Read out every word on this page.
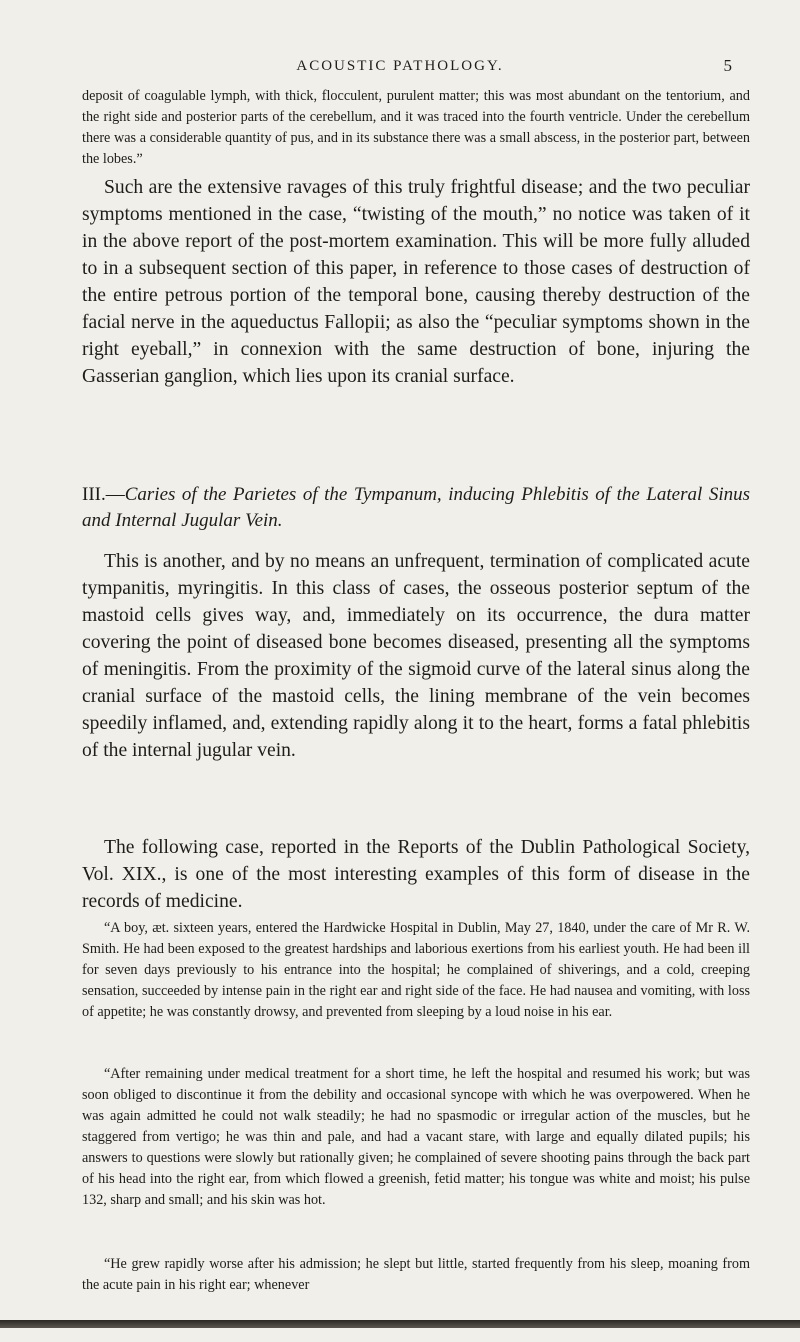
ACOUSTIC PATHOLOGY.	5

deposit of coagulable lymph, with thick, flocculent, purulent matter; this was most abundant on the tentorium, and the right side and posterior parts of the cerebellum, and it was traced into the fourth ventricle. Under the cerebellum there was a considerable quantity of pus, and in its substance there was a small abscess, in the posterior part, between the lobes.”

Such are the extensive ravages of this truly frightful disease; and the two peculiar symptoms mentioned in the case, “twisting of the mouth,” no notice was taken of it in the above report of the post-mortem examination. This will be more fully alluded to in a subsequent section of this paper, in reference to those cases of destruction of the entire petrous portion of the temporal bone, causing thereby destruction of the facial nerve in the aqueductus Fallopii; as also the “peculiar symptoms shown in the right eyeball,” in connexion with the same destruction of bone, injuring the Gasserian ganglion, which lies upon its cranial surface.

III.—Caries of the Parietes of the Tympanum, inducing Phlebitis of the Lateral Sinus and Internal Jugular Vein.

This is another, and by no means an unfrequent, termination of complicated acute tympanitis, myringitis. In this class of cases, the osseous posterior septum of the mastoid cells gives way, and, immediately on its occurrence, the dura matter covering the point of diseased bone becomes diseased, presenting all the symptoms of meningitis. From the proximity of the sigmoid curve of the lateral sinus along the cranial surface of the mastoid cells, the lining membrane of the vein becomes speedily inflamed, and, extending rapidly along it to the heart, forms a fatal phlebitis of the internal jugular vein.

The following case, reported in the Reports of the Dublin Pathological Society, Vol. XIX., is one of the most interesting examples of this form of disease in the records of medicine.

“A boy, æt. sixteen years, entered the Hardwicke Hospital in Dublin, May 27, 1840, under the care of Mr R. W. Smith. He had been exposed to the greatest hardships and laborious exertions from his earliest youth. He had been ill for seven days previously to his entrance into the hospital; he complained of shiverings, and a cold, creeping sensation, succeeded by intense pain in the right ear and right side of the face. He had nausea and vomiting, with loss of appetite; he was constantly drowsy, and prevented from sleeping by a loud noise in his ear.

“After remaining under medical treatment for a short time, he left the hospital and resumed his work; but was soon obliged to discontinue it from the debility and occasional syncope with which he was overpowered. When he was again admitted he could not walk steadily; he had no spasmodic or irregular action of the muscles, but he staggered from vertigo; he was thin and pale, and had a vacant stare, with large and equally dilated pupils; his answers to questions were slowly but rationally given; he complained of severe shooting pains through the back part of his head into the right ear, from which flowed a greenish, fetid matter; his tongue was white and moist; his pulse 132, sharp and small; and his skin was hot.

“He grew rapidly worse after his admission; he slept but little, started frequently from his sleep, moaning from the acute pain in his right ear; whenever
